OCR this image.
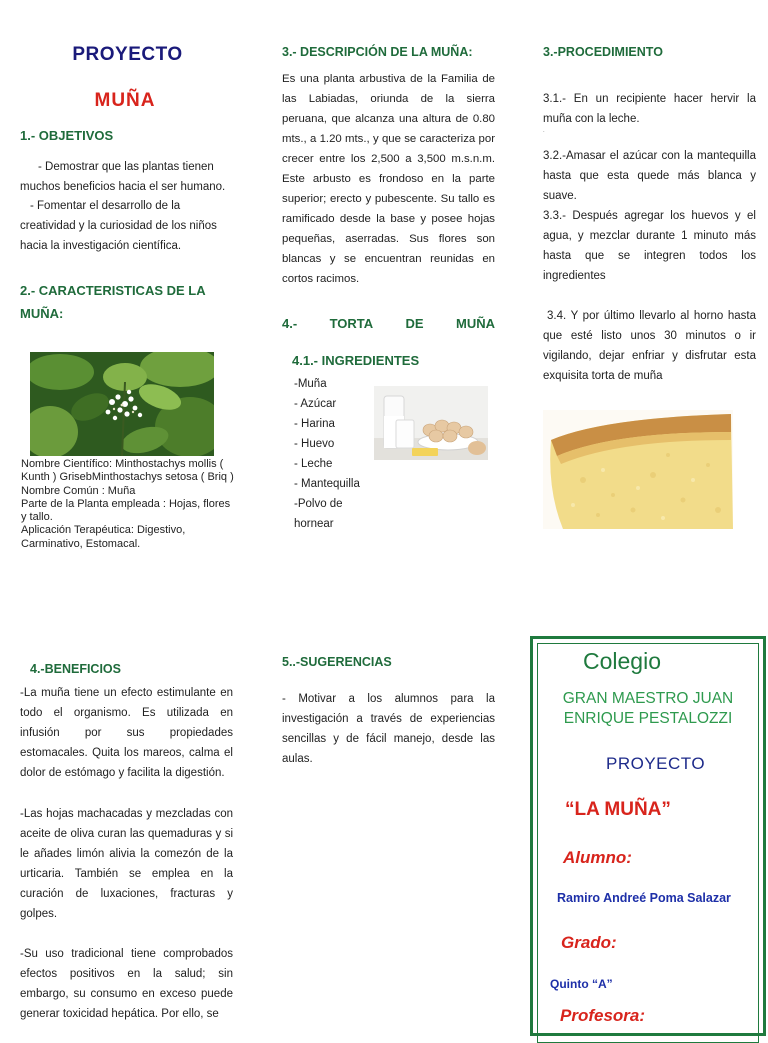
PROYECTO
MUÑA
1.- OBJETIVOS
- Demostrar que las plantas tienen muchos beneficios hacia el ser humano.
- Fomentar el desarrollo de la creatividad y la curiosidad de los niños hacia la investigación científica.
2.- CARACTERISTICAS DE LA MUÑA:
Nombre Científico: Minthostachys mollis ( Kunth ) GrisebMinthostachys setosa ( Briq )
Nombre Común : Muña
Parte de la Planta empleada : Hojas, flores y tallo.
Aplicación Terapéutica: Digestivo, Carminativo, Estomacal.
3.- DESCRIPCIÓN DE LA MUÑA:
Es una planta arbustiva de la Familia de las Labiadas, oriunda de la sierra peruana, que alcanza una altura de 0.80 mts., a 1.20 mts., y que se caracteriza por crecer entre los 2,500 a 3,500 m.s.n.m. Este arbusto es frondoso en la parte superior; erecto y pubescente. Su tallo es ramificado desde la base y posee hojas pequeñas, aserradas. Sus flores son blancas y se encuentran reunidas en cortos racimos.
4.- TORTA DE MUÑA
4.1.- INGREDIENTES
-Muña
- Azúcar
- Harina
- Huevo
- Leche
- Mantequilla
-Polvo de hornear
3.-PROCEDIMIENTO
3.1.- En un recipiente hacer hervir la muña con la leche.
.
3.2.-Amasar el azúcar con la mantequilla hasta que esta quede más blanca y suave.
3.3.- Después agregar los huevos y el agua, y mezclar durante 1 minuto más hasta que se integren todos los ingredientes
3.4. Y por último llevarlo al horno hasta que esté listo unos 30 minutos o ir vigilando, dejar enfriar y disfrutar esta exquisita torta de muña
4.-BENEFICIOS
-La muña tiene un efecto estimulante en todo el organismo. Es utilizada en infusión por sus propiedades estomacales. Quita los mareos, calma el dolor de estómago y facilita la digestión.
-Las hojas machacadas y mezcladas con aceite de oliva curan las quemaduras y si le añades limón alivia la comezón de la urticaria. También se emplea en la curación de luxaciones, fracturas y golpes.
-Su uso tradicional tiene comprobados efectos positivos en la salud; sin embargo, su consumo en exceso puede generar toxicidad hepática. Por ello, se
5..-SUGERENCIAS
- Motivar a los alumnos para la investigación a través de experiencias sencillas y de fácil manejo, desde las aulas.
Colegio
GRAN MAESTRO JUAN ENRIQUE PESTALOZZI
PROYECTO
“LA MUÑA”
Alumno:
Ramiro Andreé Poma Salazar
Grado:
Quinto “A”
Profesora:
